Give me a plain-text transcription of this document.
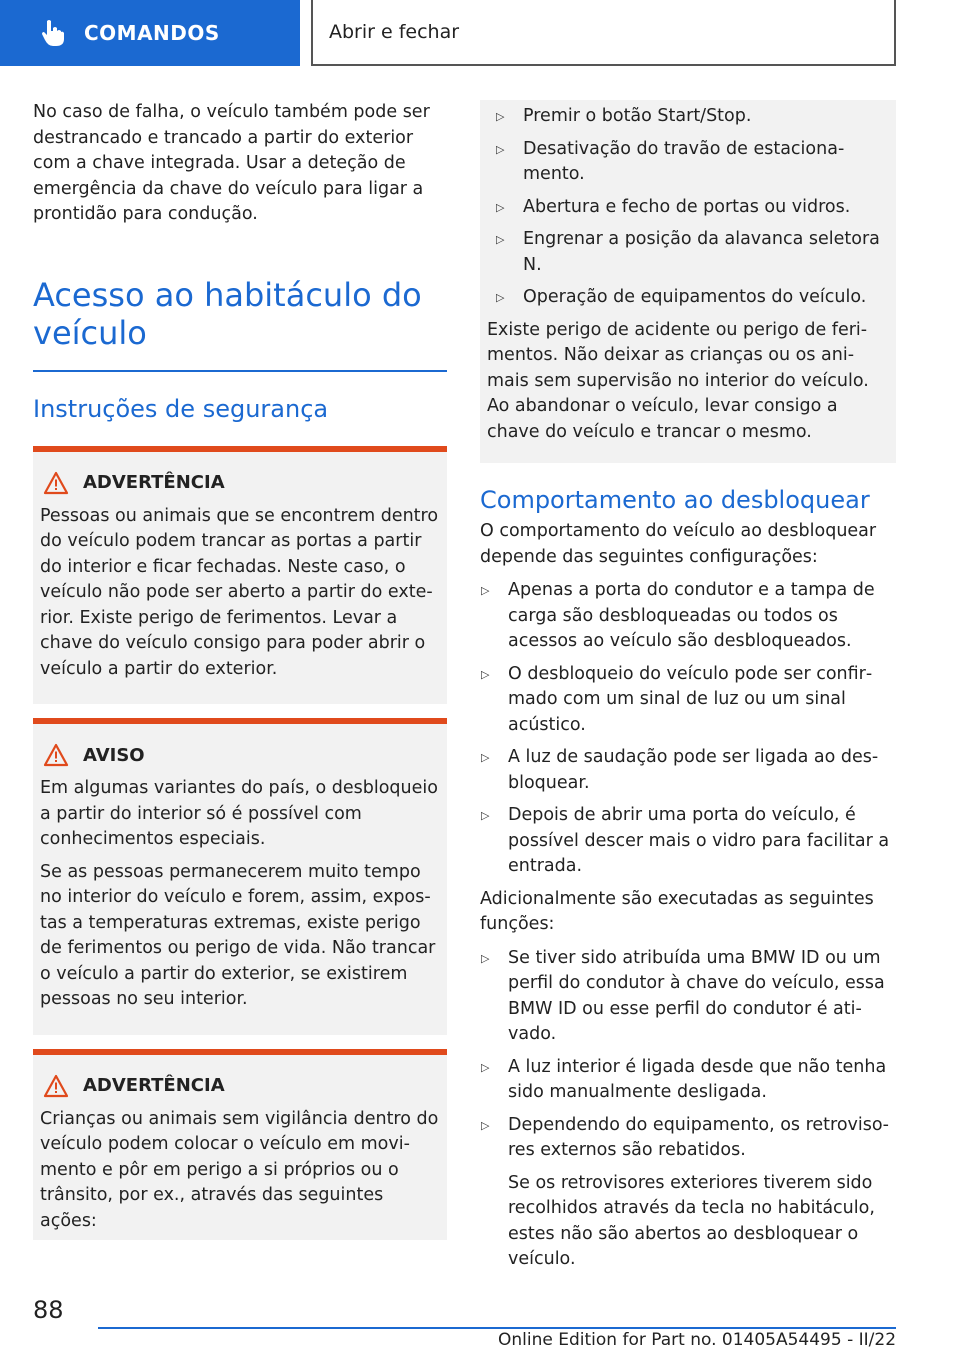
COMANDOS	Abrir e fechar

No caso de falha, o veículo também pode ser destrancado e trancado a partir do exterior com a chave integrada. Usar a deteção de emergência da chave do veículo para ligar a prontidão para condução.

Acesso ao habitáculo do veículo
Instruções de segurança
ADVERTÊNCIA

Pessoas ou animais que se encontrem dentro do veículo podem trancar as portas a partir do interior e ficar fechadas. Neste caso, o veículo não pode ser aberto a partir do exterior. Existe perigo de ferimentos. Levar a chave do veículo consigo para poder abrir o veículo a partir do exterior.

AVISO

Em algumas variantes do país, o desbloqueio a partir do interior só é possível com conhecimentos especiais.

Se as pessoas permanecerem muito tempo no interior do veículo e forem, assim, expostas a temperaturas extremas, existe perigo de ferimentos ou perigo de vida. Não trancar o veículo a partir do exterior, se existirem pessoas no seu interior.

ADVERTÊNCIA

Crianças ou animais sem vigilância dentro do veículo podem colocar o veículo em movimento e pôr em perigo a si próprios ou o trânsito, por ex., através das seguintes ações:

▷	Premir o botão Start/Stop.
▷	Desativação do travão de estacionamento.
▷	Abertura e fecho de portas ou vidros.
▷	Engrenar a posição da alavanca seletora N.
▷	Operação de equipamentos do veículo.

Existe perigo de acidente ou perigo de ferimentos. Não deixar as crianças ou os animais sem supervisão no interior do veículo. Ao abandonar o veículo, levar consigo a chave do veículo e trancar o mesmo.

Comportamento ao desbloquear

O comportamento do veículo ao desbloquear depende das seguintes configurações:

▷	Apenas a porta do condutor e a tampa de carga são desbloqueadas ou todos os acessos ao veículo são desbloqueados.
▷	O desbloqueio do veículo pode ser confirmado com um sinal de luz ou um sinal acústico.
▷	A luz de saudação pode ser ligada ao desbloquear.
▷	Depois de abrir uma porta do veículo, é possível descer mais o vidro para facilitar a entrada.

Adicionalmente são executadas as seguintes funções:

▷	Se tiver sido atribuída uma BMW ID ou um perfil do condutor à chave do veículo, essa BMW ID ou esse perfil do condutor é ativado.
▷	A luz interior é ligada desde que não tenha sido manualmente desligada.
▷	Dependendo do equipamento, os retrovisores externos são rebatidos.

Se os retrovisores exteriores tiverem sido recolhidos através da tecla no habitáculo, estes não são abertos ao desbloquear o veículo.

88
Online Edition for Part no. 01405A54495 - II/22
